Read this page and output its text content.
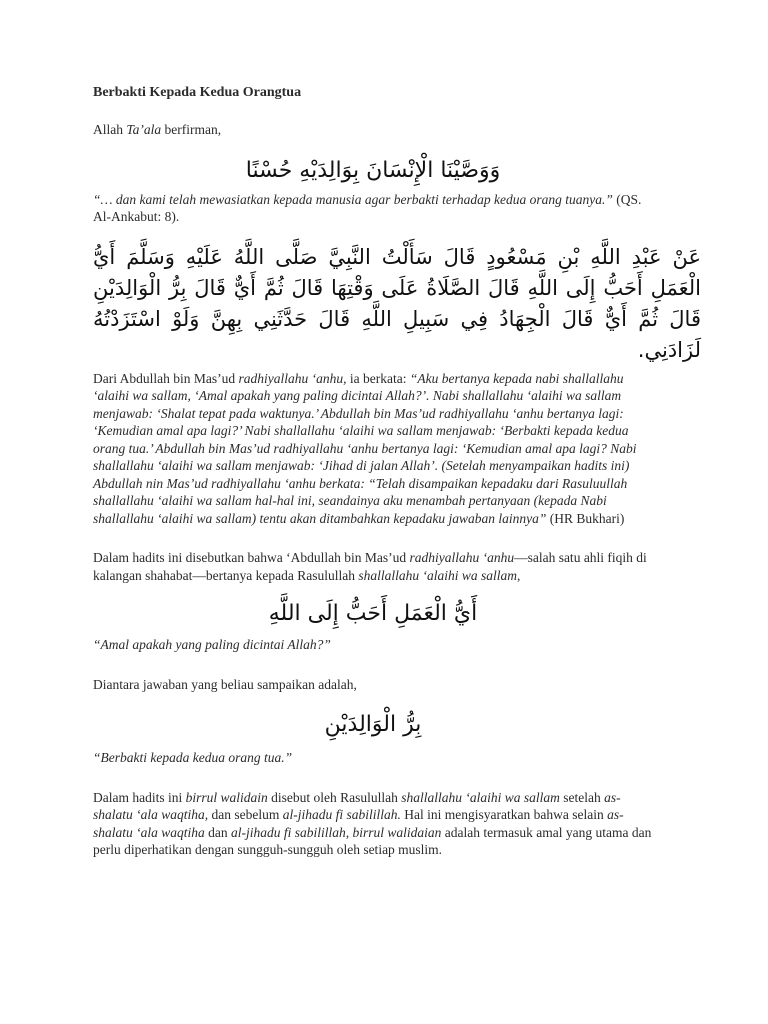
Berbakti Kepada Kedua Orangtua

Allah Ta’ala berfirman,

وَوَصَّيْنَا الْإِنْسَانَ بِوَالِدَيْهِ حُسْنًا

“… dan kami telah mewasiatkan kepada manusia agar berbakti terhadap kedua orang tuanya.” (QS. Al-Ankabut: 8).

عَنْ عَبْدِ اللَّهِ بْنِ مَسْعُودٍ قَالَ سَأَلْتُ النَّبِيَّ صَلَّى اللَّهُ عَلَيْهِ وَسَلَّمَ أَيُّ الْعَمَلِ أَحَبُّ إِلَى اللَّهِ قَالَ الصَّلَاةُ عَلَى وَقْتِهَا قَالَ ثُمَّ أَيٌّ قَالَ بِرُّ الْوَالِدَيْنِ قَالَ ثُمَّ أَيٌّ قَالَ الْجِهَادُ فِي سَبِيلِ اللَّهِ قَالَ حَدَّثَنِي بِهِنَّ وَلَوْ اسْتَزَدْتُهُ لَزَادَنِي.

Dari Abdullah bin Mas’ud radhiyallahu ‘anhu, ia berkata: “Aku bertanya kepada nabi shallallahu ‘alaihi wa sallam, ‘Amal apakah yang paling dicintai Allah?’. Nabi shallallahu ‘alaihi wa sallam menjawab: ‘Shalat tepat pada waktunya.’ Abdullah bin Mas’ud radhiyallahu ‘anhu bertanya lagi: ‘Kemudian amal apa lagi?’ Nabi shallallahu ‘alaihi wa sallam menjawab: ‘Berbakti kepada kedua orang tua.’ Abdullah bin Mas’ud radhiyallahu ‘anhu bertanya lagi: ‘Kemudian amal apa lagi? Nabi shallallahu ‘alaihi wa sallam menjawab: ‘Jihad di jalan Allah’. (Setelah menyampaikan hadits ini) Abdullah nin Mas’ud radhiyallahu ‘anhu berkata: “Telah disampaikan kepadaku dari Rasuluullah shallallahu ‘alaihi wa sallam hal-hal ini, seandainya aku menambah pertanyaan (kepada Nabi shallallahu ‘alaihi wa sallam) tentu akan ditambahkan kepadaku jawaban lainnya” (HR Bukhari)

Dalam hadits ini disebutkan bahwa ‘Abdullah bin Mas’ud radhiyallahu ‘anhu—salah satu ahli fiqih di kalangan shahabat—bertanya kepada Rasulullah shallallahu ‘alaihi wa sallam,

أَيُّ الْعَمَلِ أَحَبُّ إِلَى اللَّهِ

“Amal apakah yang paling dicintai Allah?”

Diantara jawaban yang beliau sampaikan adalah,

بِرُّ الْوَالِدَيْنِ

“Berbakti kepada kedua orang tua.”

Dalam hadits ini birrul walidain disebut oleh Rasulullah shallallahu ‘alaihi wa sallam setelah as-shalatu ‘ala waqtiha, dan sebelum al-jihadu fi sabilillah. Hal ini mengisyaratkan bahwa selain as-shalatu ‘ala waqtiha dan al-jihadu fi sabilillah, birrul walidaian adalah termasuk amal yang utama dan perlu diperhatikan dengan sungguh-sungguh oleh setiap muslim.
